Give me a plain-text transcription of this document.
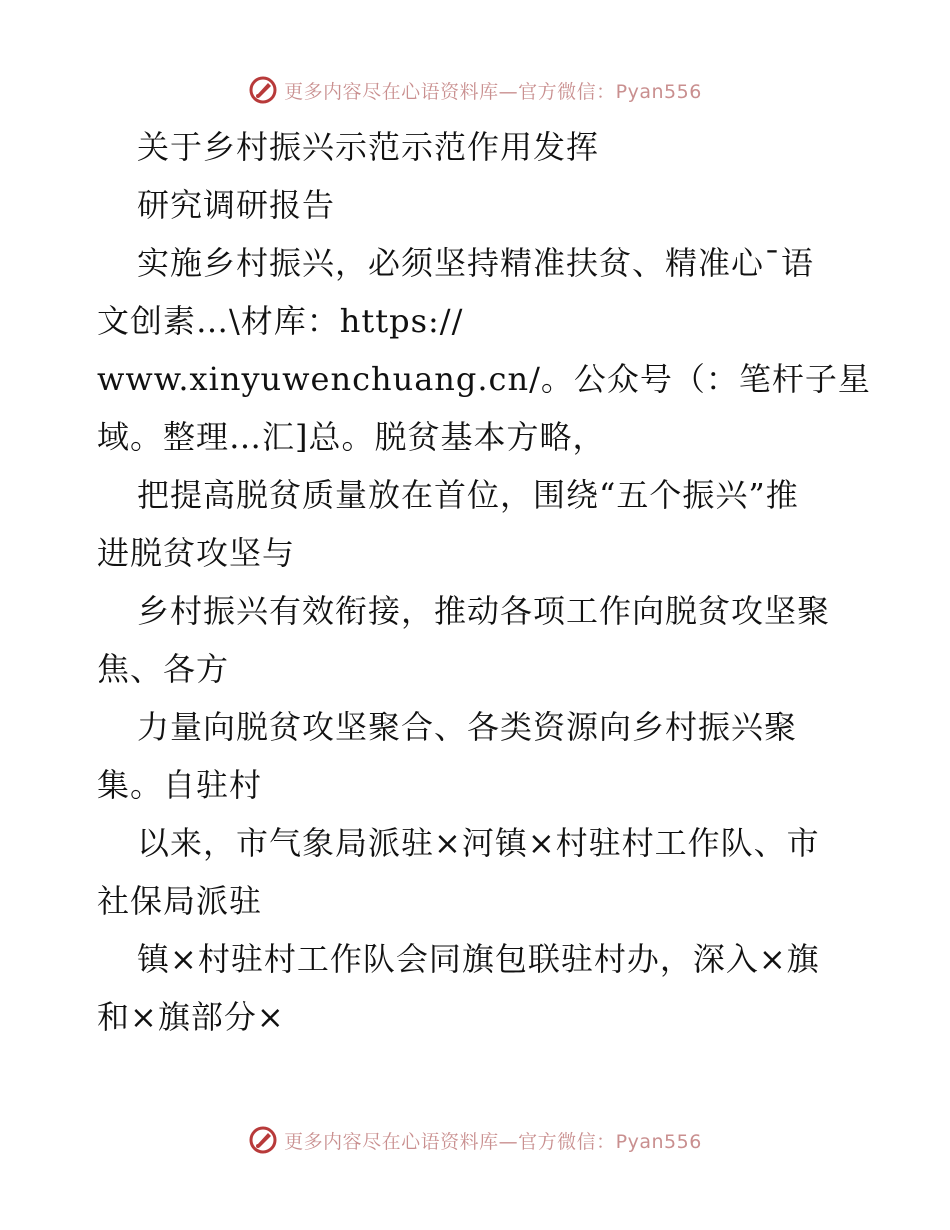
更多内容尽在心语资料库—官方微信：Pyan556
关于乡村振兴示范示范作用发挥
研究调研报告
实施乡村振兴，必须坚持精准扶贫、精准心¯语
文创素…\材库：https://
www.xinyuwenchuang.cn/。公众号（：笔杆子星
域。整理…汇]总。脱贫基本方略，
把提高脱贫质量放在首位，围绕“五个振兴”推
进脱贫攻坚与
乡村振兴有效衔接，推动各项工作向脱贫攻坚聚
焦、各方
力量向脱贫攻坚聚合、各类资源向乡村振兴聚
集。自驻村
以来，市气象局派驻×河镇×村驻村工作队、市
社保局派驻
镇×村驻村工作队会同旗包联驻村办，深入×旗
和×旗部分×
更多内容尽在心语资料库—官方微信：Pyan556
